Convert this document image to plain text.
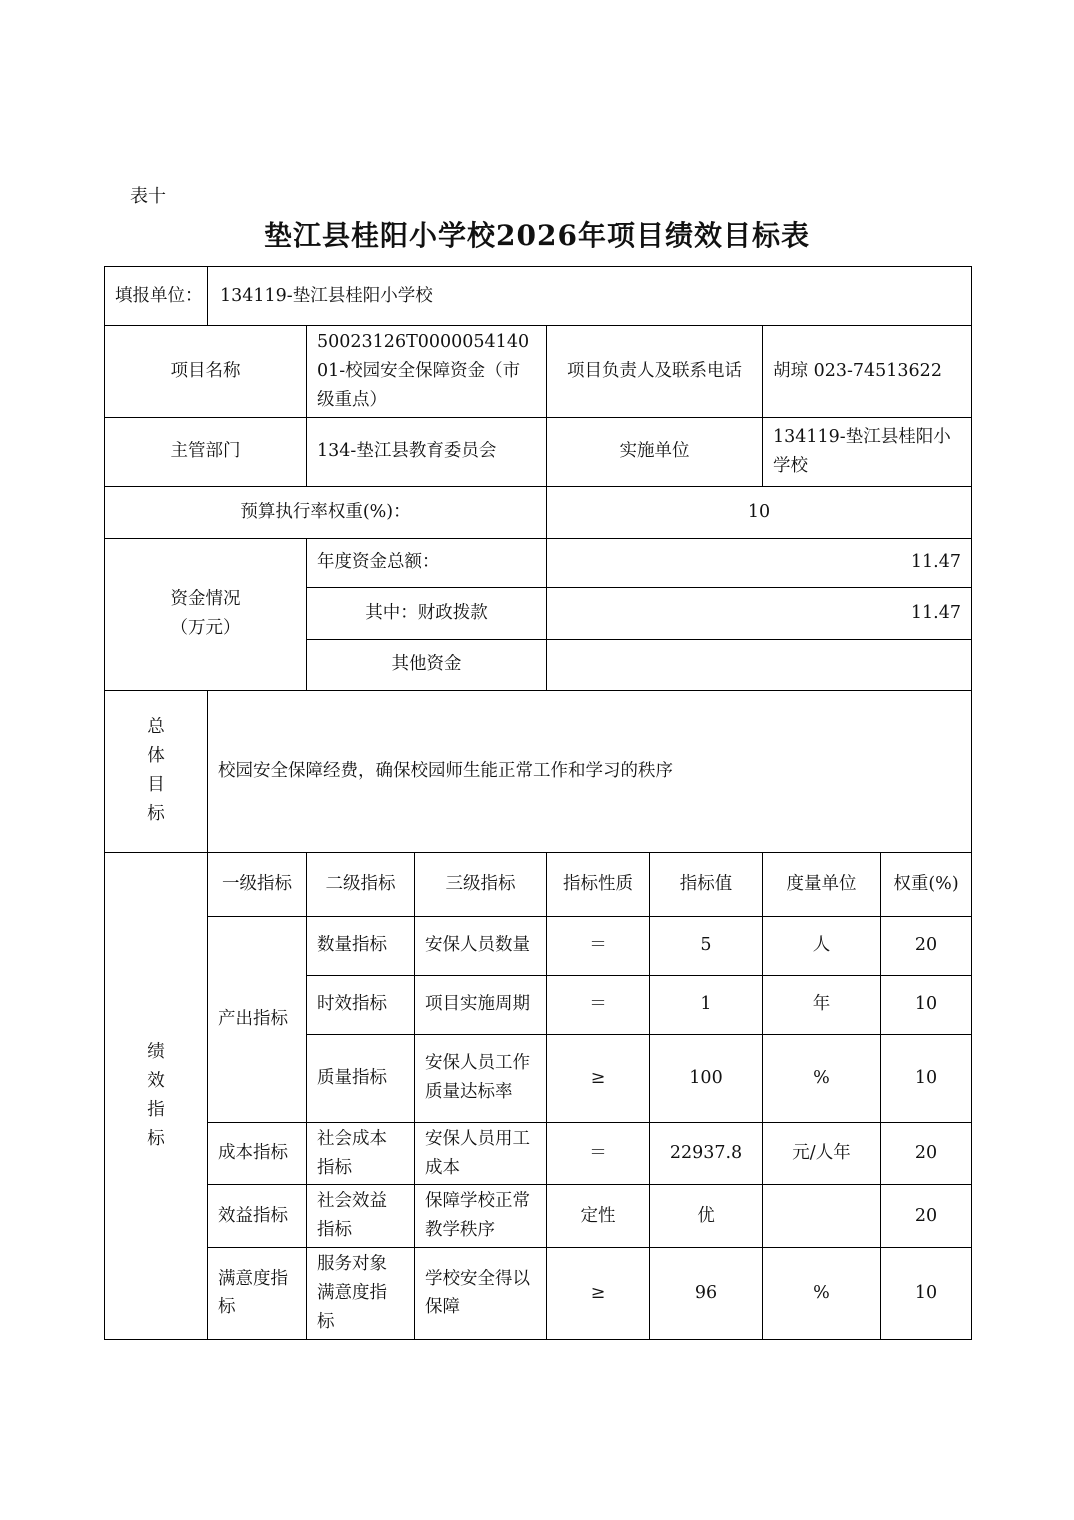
表十
垫江县桂阳小学校2026年项目绩效目标表
填报单位：	134119-垫江县桂阳小学校						
项目名称		50023126T000005414001-校园安全保障资金（市级重点）		项目负责人及联系电话		胡琼 023-74513622	
主管部门		134-垫江县教育委员会		实施单位		134119-垫江县桂阳小学校	
预算执行率权重(%)：				10			

资金情况
（万元）		年度资金总额：		11.47			
		其中：财政拨款		11.47			
		其他资金					

总
体
目
标	校园安全保障经费，确保校园师生能正常工作和学习的秩序						

绩
效
指
标	一级指标	二级指标	三级指标	指标性质	指标值	度量单位	权重(%)
	产出指标	数量指标	安保人员数量	＝	5	人	20
		时效指标	项目实施周期	＝	1	年	10
		质量指标	安保人员工作质量达标率	≥	100	%	10
	成本指标	社会成本指标	安保人员用工成本	＝	22937.8	元/人年	20
	效益指标	社会效益指标	保障学校正常教学秩序	定性	优		20
	满意度指标	服务对象满意度指标	学校安全得以保障	≥	96	%	10
